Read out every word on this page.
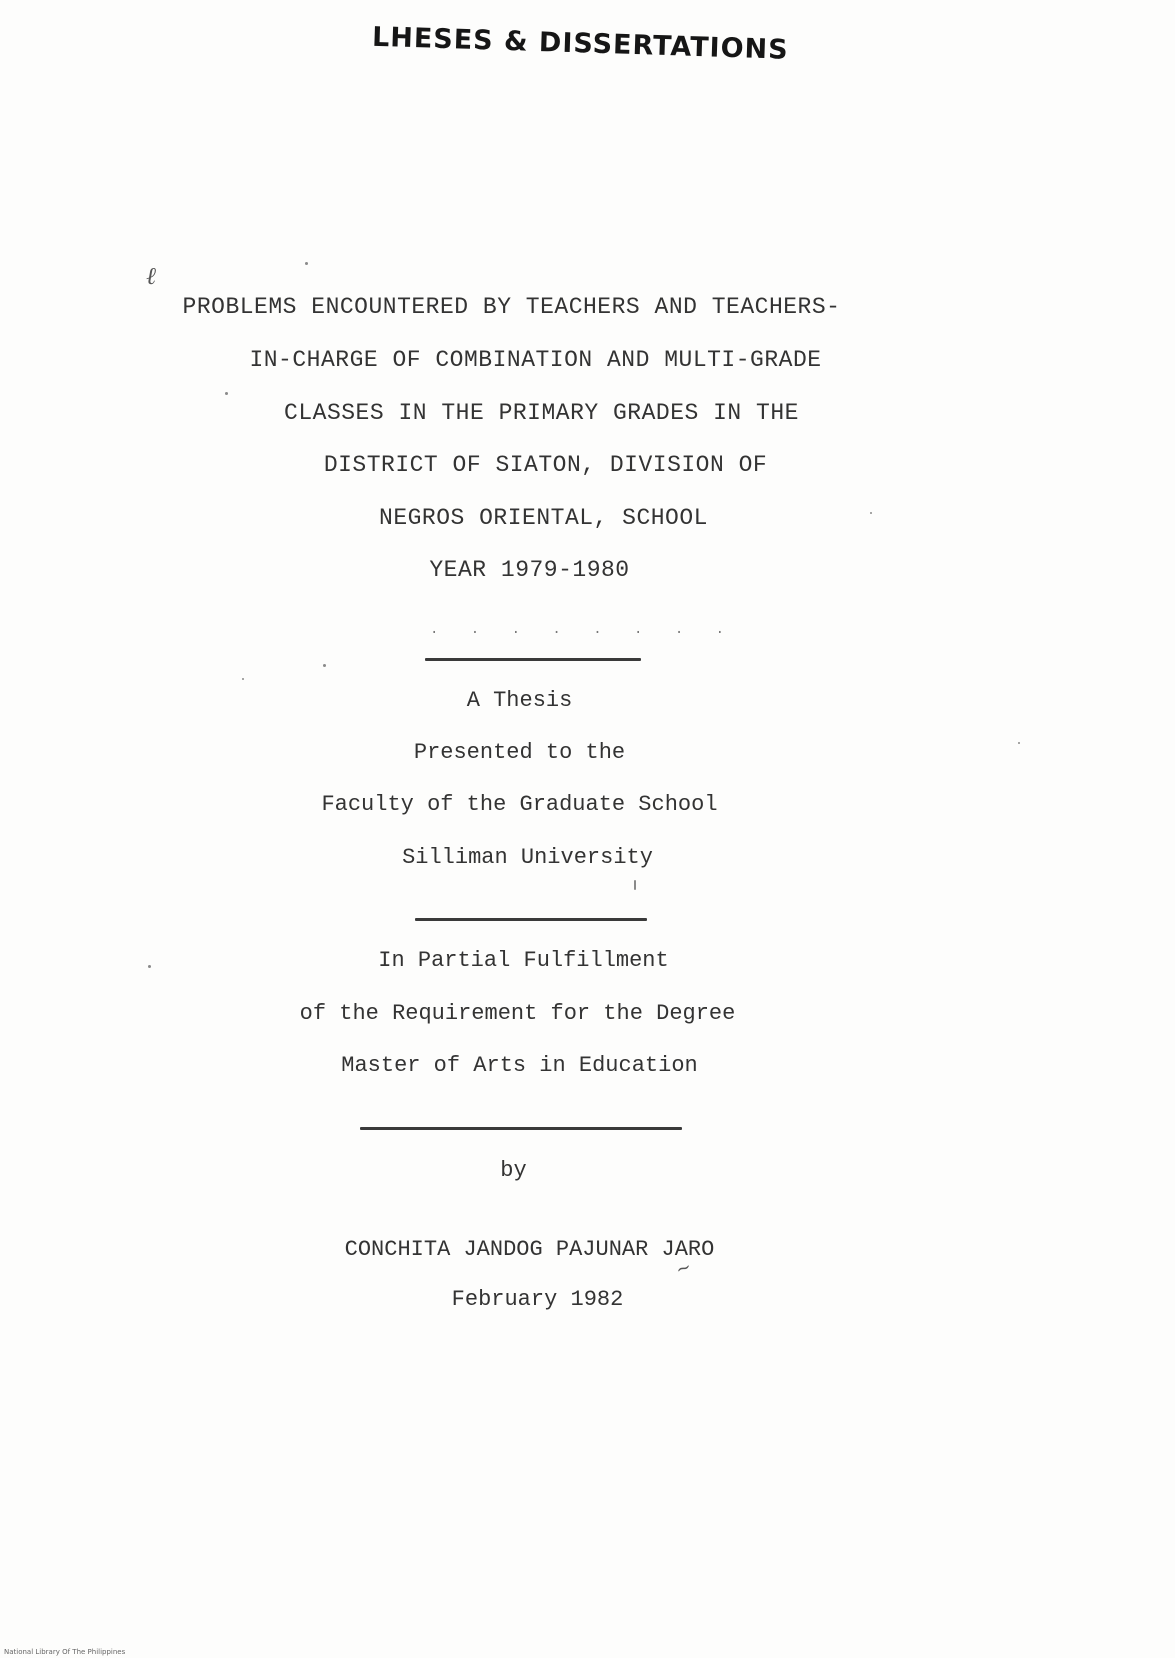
LHESES & DISSERTATIONS
ℓ
PROBLEMS ENCOUNTERED BY TEACHERS AND TEACHERS-
IN-CHARGE OF COMBINATION AND MULTI-GRADE
CLASSES IN THE PRIMARY GRADES IN THE
DISTRICT OF SIATON, DIVISION OF
NEGROS ORIENTAL, SCHOOL
YEAR 1979-1980
. . . . . . . .
A Thesis
Presented to the
Faculty of the Graduate School
Silliman University
In Partial Fulfillment
of the Requirement for the Degree
Master of Arts in Education
by
CONCHITA JANDOG PAJUNAR JARO
February 1982
~
National Library Of The Philippines
